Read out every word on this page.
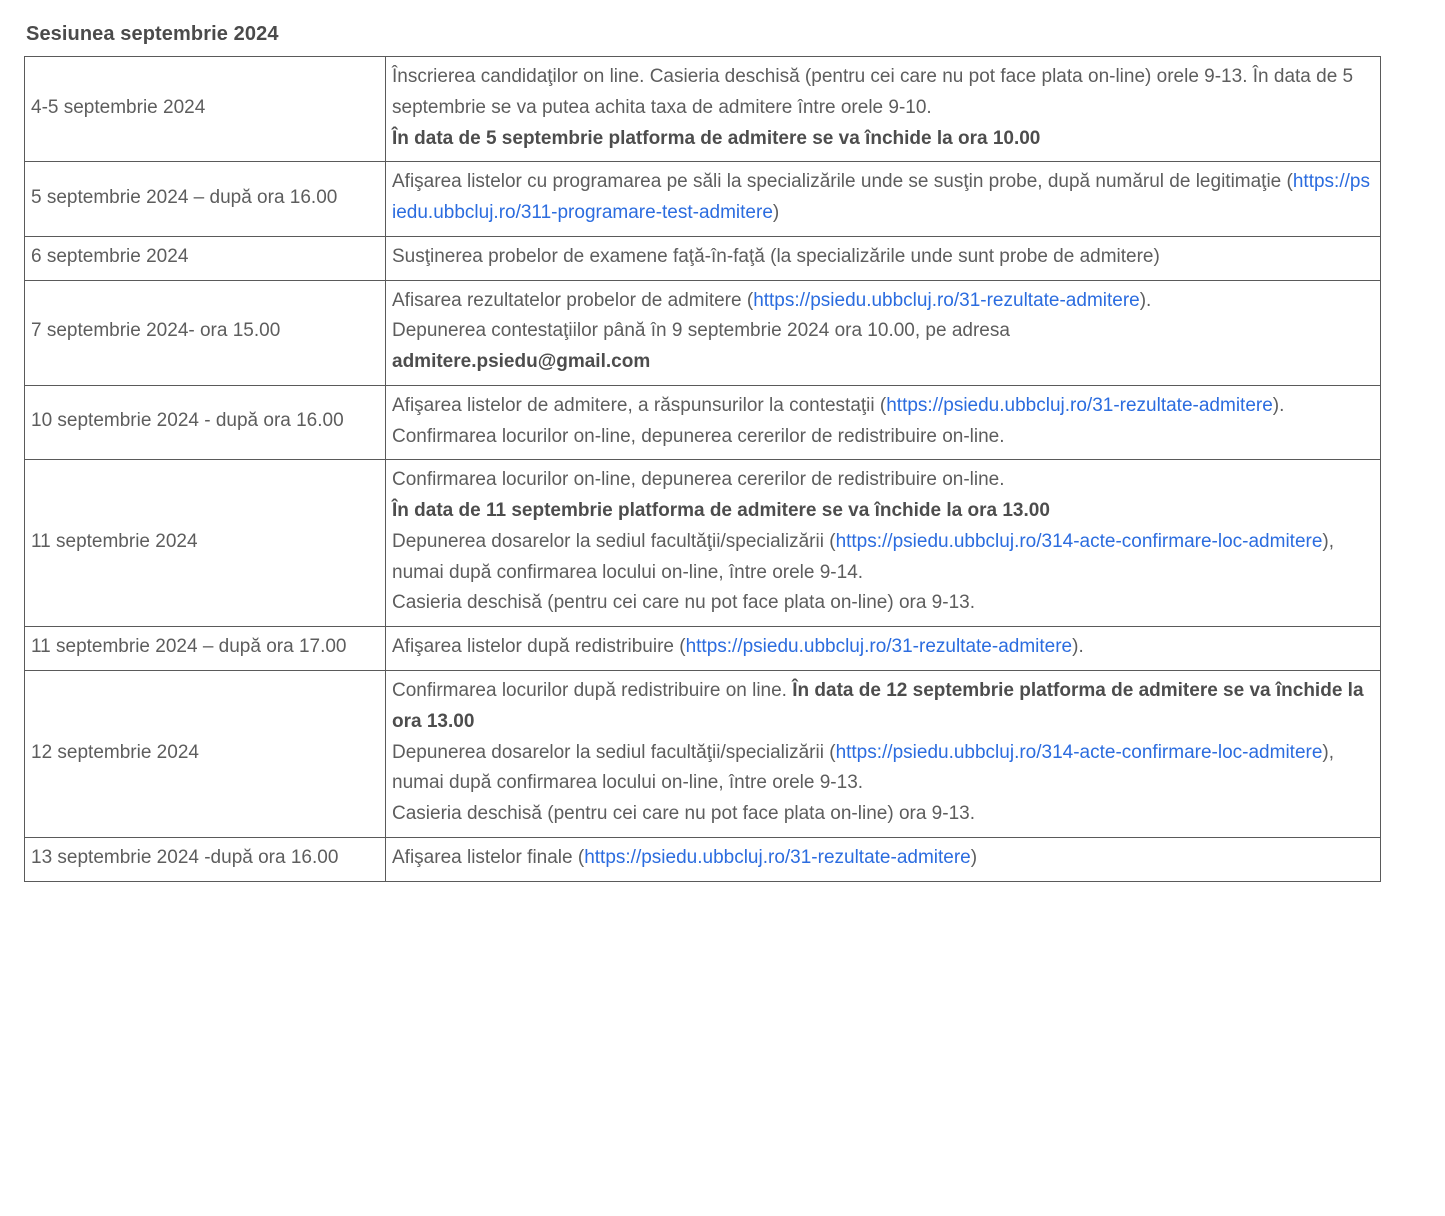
Sesiunea septembrie 2024
4-5 septembrie 2024	Înscrierea candidaţilor on line. Casieria deschisă (pentru cei care nu pot face plata on-line) orele 9-13. În data de 5 septembrie se va putea achita taxa de admitere între orele 9-10.
În data de 5 septembrie platforma de admitere se va închide la ora 10.00

5 septembrie 2024 – după ora 16.00	Afişarea listelor cu programarea pe săli la specializările unde se susţin probe, după numărul de legitimaţie (https://psiedu.ubbcluj.ro/311-programare-test-admitere)

6 septembrie 2024	Susţinerea probelor de examene faţă-în-faţă (la specializările unde sunt probe de admitere)

7 septembrie 2024- ora 15.00	Afisarea rezultatelor probelor de admitere (https://psiedu.ubbcluj.ro/31-rezultate-admitere).
Depunerea contestaţiilor până în 9 septembrie 2024 ora 10.00, pe adresa
admitere.psiedu@gmail.com

10 septembrie 2024 - după ora 16.00	Afişarea listelor de admitere, a răspunsurilor la contestaţii (https://psiedu.ubbcluj.ro/31-rezultate-admitere).
Confirmarea locurilor on-line, depunerea cererilor de redistribuire on-line.

11 septembrie 2024	Confirmarea locurilor on-line, depunerea cererilor de redistribuire on-line.
În data de 11 septembrie platforma de admitere se va închide la ora 13.00
Depunerea dosarelor la sediul facultăţii/specializării (https://psiedu.ubbcluj.ro/314-acte-confirmare-loc-admitere), numai după confirmarea locului on-line, între orele 9-14.
Casieria deschisă (pentru cei care nu pot face plata on-line) ora 9-13.

11 septembrie 2024 – după ora 17.00	Afişarea listelor după redistribuire (https://psiedu.ubbcluj.ro/31-rezultate-admitere).

12 septembrie 2024	Confirmarea locurilor după redistribuire on line. În data de 12 septembrie platforma de admitere se va închide la ora 13.00
Depunerea dosarelor la sediul facultăţii/specializării (https://psiedu.ubbcluj.ro/314-acte-confirmare-loc-admitere), numai după confirmarea locului on-line, între orele 9-13.
Casieria deschisă (pentru cei care nu pot face plata on-line) ora 9-13.

13 septembrie 2024 -după ora 16.00	Afişarea listelor finale (https://psiedu.ubbcluj.ro/31-rezultate-admitere)
